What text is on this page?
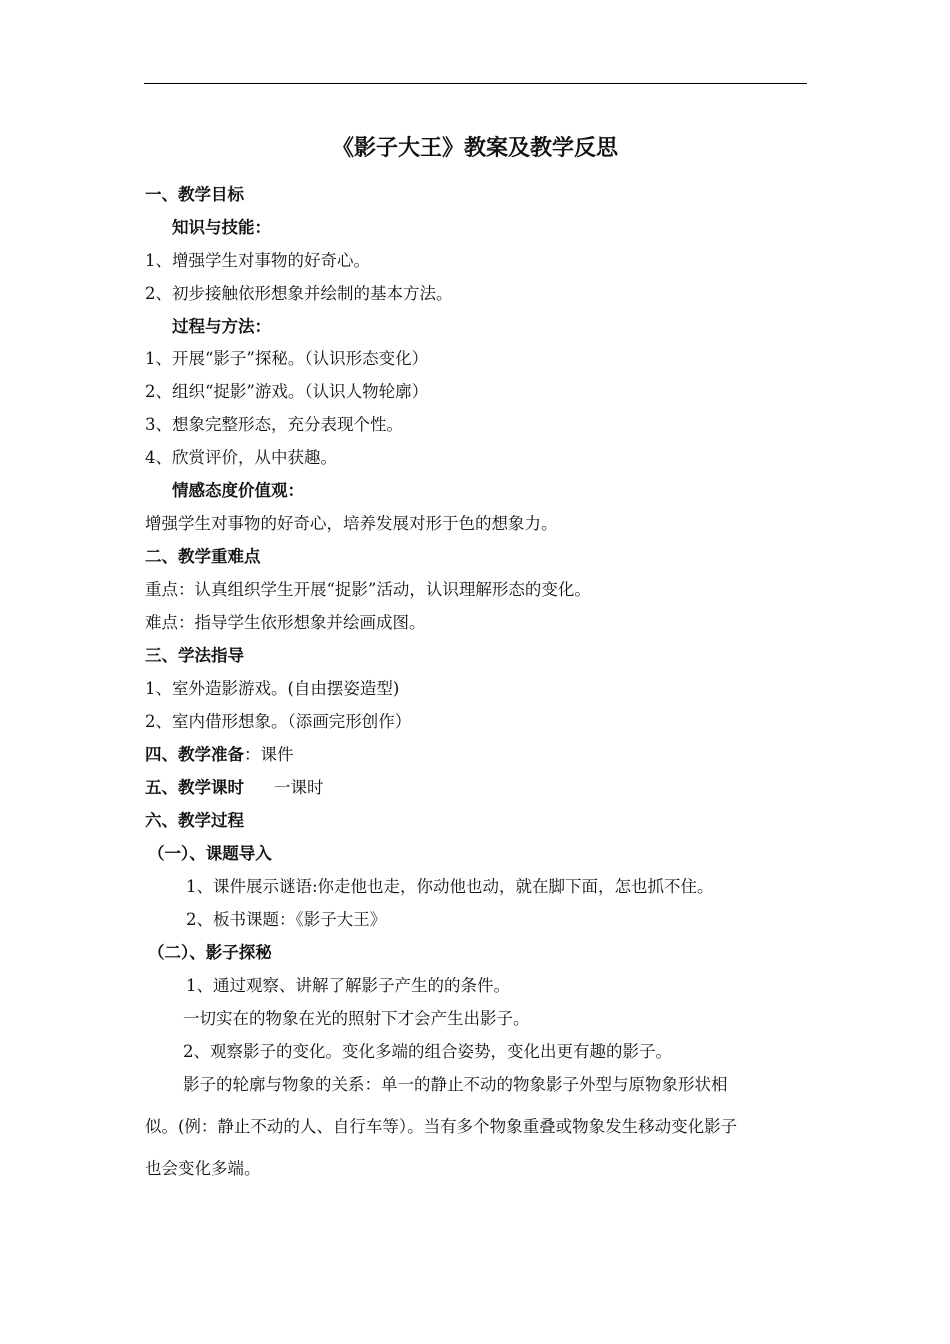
《影子大王》教案及教学反思
一、教学目标
知识与技能：
1、增强学生对事物的好奇心。
2、初步接触依形想象并绘制的基本方法。
过程与方法：
1、开展“影子”探秘。（认识形态变化）
2、组织“捉影”游戏。（认识人物轮廓）
3、想象完整形态，充分表现个性。
4、欣赏评价，从中获趣。
情感态度价值观：
增强学生对事物的好奇心，培养发展对形于色的想象力。
二、教学重难点
重点：认真组织学生开展“捉影”活动，认识理解形态的变化。
难点：指导学生依形想象并绘画成图。
三、学法指导
1、室外造影游戏。(自由摆姿造型)
2、室内借形想象。（添画完形创作）
四、教学准备：课件
五、教学课时 一课时
六、教学过程
（一）、课题导入
1、课件展示谜语:你走他也走，你动他也动，就在脚下面，怎也抓不住。
2、板书课题：《影子大王》
（二）、影子探秘
1、通过观察、讲解了解影子产生的的条件。
一切实在的物象在光的照射下才会产生出影子。
2、观察影子的变化。变化多端的组合姿势，变化出更有趣的影子。
影子的轮廓与物象的关系：单一的静止不动的物象影子外型与原物象形状相
似。(例：静止不动的人、自行车等）。当有多个物象重叠或物象发生移动变化影子
也会变化多端。
